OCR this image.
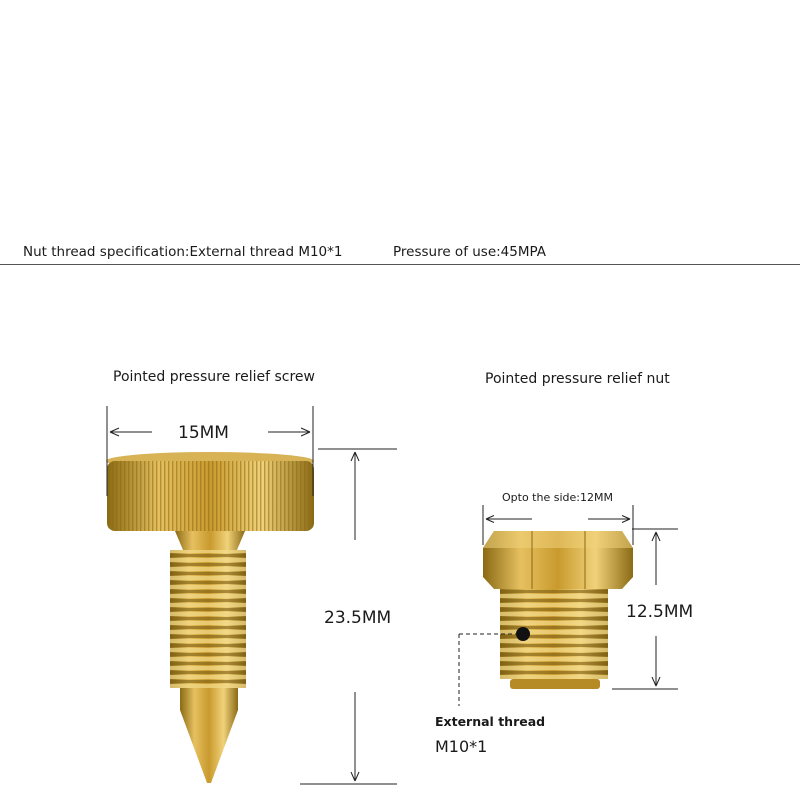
Nut thread specification:External thread M10*1	Pressure of use:45MPA
Pointed pressure relief screw	Pointed pressure relief nut
15MM
23.5MM
Opto the side:12MM
12.5MM
External thread
M10*1
